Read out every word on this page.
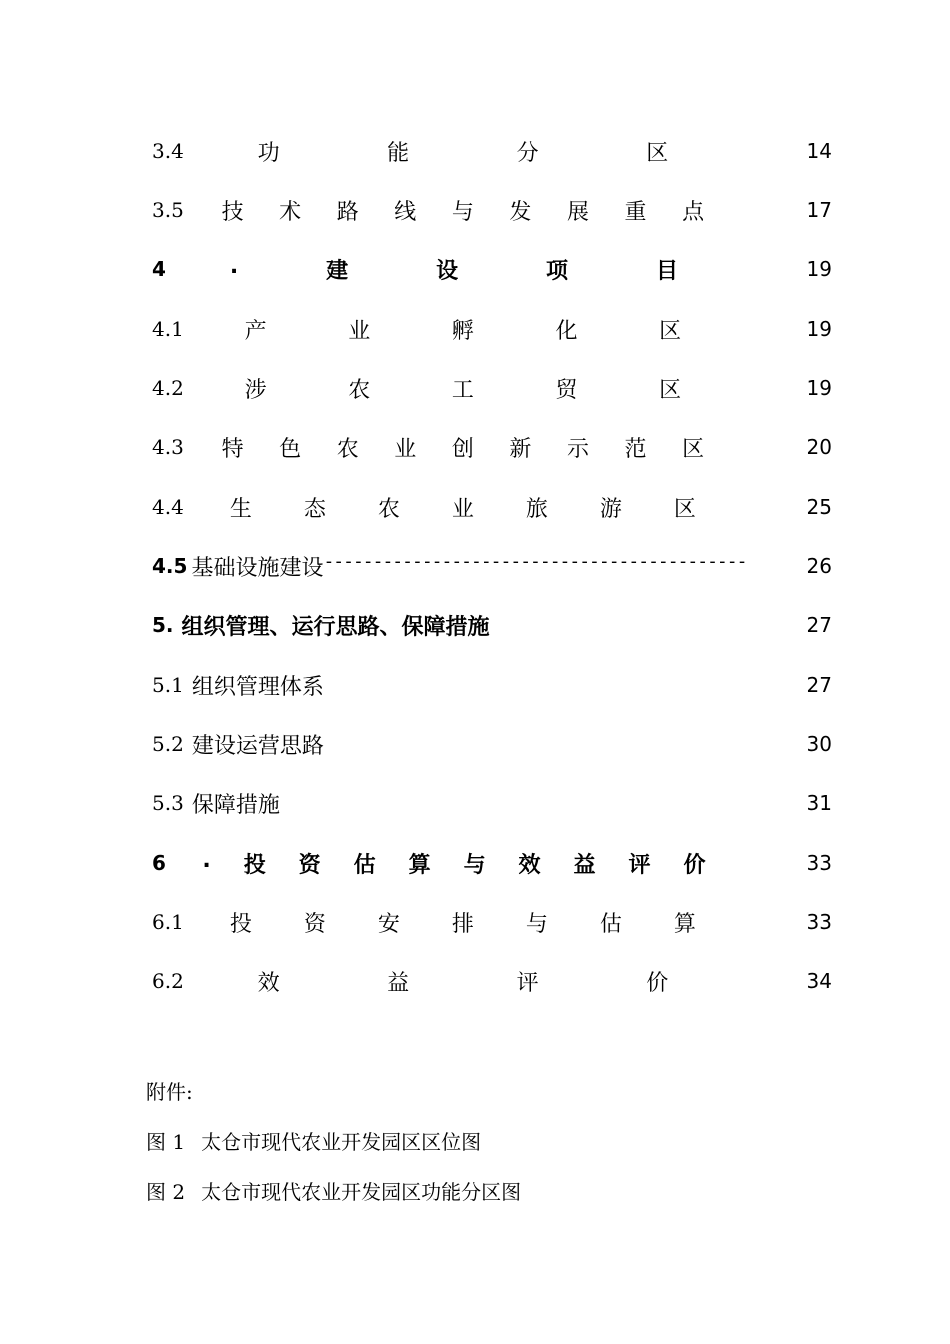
3.4	功	能	分	区	14
3.5 技 术 路 线 与 发 展 重 点	17
4	.	建	设	项	目	19
4.1	产	业	孵	化	区	19
4.2	涉	农	工	贸	区	19
4.3 特 色 农 业 创 新 示 范 区	20
4.4 生 态 农 业 旅 游 区	25
4.5 基础设施建设 -------------------------------------------	26
5. 组织管理、运行思路、保障措施	27
5.1 组织管理体系	27
5.2 建设运营思路	30
5.3 保障措施	31
6 . 投 资 估 算 与 效 益 评 价	33
6.1 投 资 安 排 与 估 算	33
6.2	效	益	评	价	34
附件:
图 1 太仓市现代农业开发园区区位图
图 2 太仓市现代农业开发园区功能分区图
